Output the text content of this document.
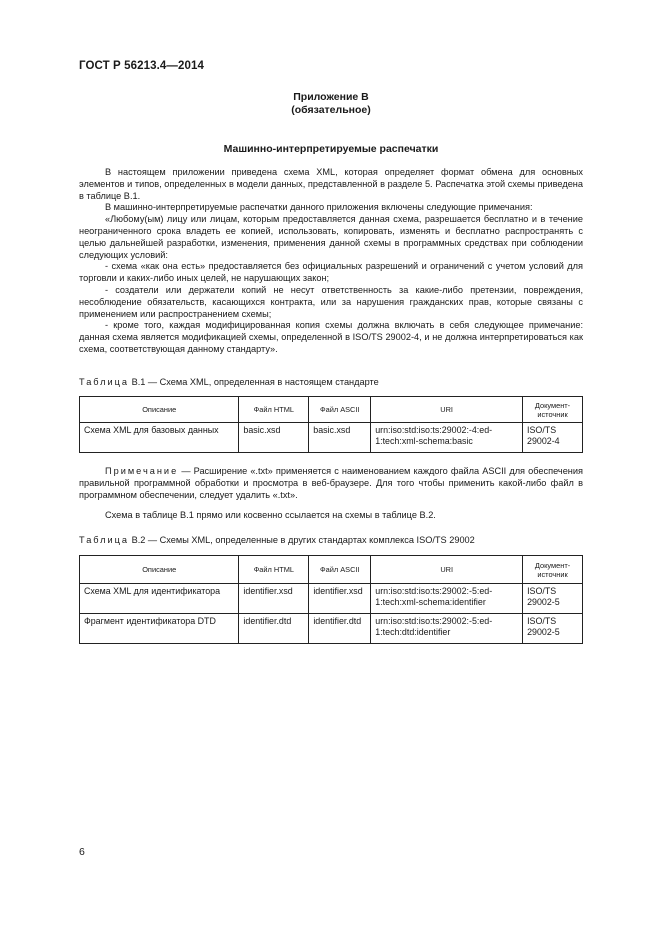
ГОСТ Р 56213.4—2014
Приложение В
(обязательное)
Машинно-интерпретируемые распечатки

В настоящем приложении приведена схема XML, которая определяет формат обмена для основных элементов и типов, определенных в модели данных, представленной в разделе 5. Распечатка этой схемы приведена в таблице В.1.

В машинно-интерпретируемые распечатки данного приложения включены следующие примечания:

«Любому(ым) лицу или лицам, которым предоставляется данная схема, разрешается бесплатно и в течение неограниченного срока владеть ее копией, использовать, копировать, изменять и бесплатно распространять с целью дальнейшей разработки, изменения, применения данной схемы в программных средствах при соблюдении следующих условий:

- схема «как она есть» предоставляется без официальных разрешений и ограничений с учетом условий для торговли и каких-либо иных целей, не нарушающих закон;

- создатели или держатели копий не несут ответственность за какие-либо претензии, повреждения, несоблюдение обязательств, касающихся контракта, или за нарушения гражданских прав, которые связаны с применением или распространением схемы;

- кроме того, каждая модифицированная копия схемы должна включать в себя следующее примечание: данная схема является модификацией схемы, определенной в ISO/TS 29002-4, и не должна интерпретироваться как схема, соответствующая данному стандарту».

Таблица В.1 — Схема XML, определенная в настоящем стандарте
Описание	Файл HTML	Файл ASCII	URI	Документ-источник
Схема XML для базовых данных	basic.xsd	basic.xsd	urn:iso:std:iso:ts:29002:-4:ed-1:tech:xml-schema:basic	ISO/TS 29002-4
Примечание — Расширение «.txt» применяется с наименованием каждого файла ASCII для обеспечения правильной программной обработки и просмотра в веб-браузере. Для того чтобы применить какой-либо файл в программном обеспечении, следует удалить «.txt».
Схема в таблице В.1 прямо или косвенно ссылается на схемы в таблице В.2.
Таблица В.2 — Схемы XML, определенные в других стандартах комплекса ISO/TS 29002
Описание	Файл HTML	Файл ASCII	URI	Документ-источник
Схема XML для идентификатора	identifier.xsd	identifier.xsd	urn:iso:std:iso:ts:29002:-5:ed-1:tech:xml-schema:identifier	ISO/TS 29002-5
Фрагмент идентификатора DTD	identifier.dtd	identifier.dtd	urn:iso:std:iso:ts:29002:-5:ed-1:tech:dtd:identifier	ISO/TS 29002-5
6
